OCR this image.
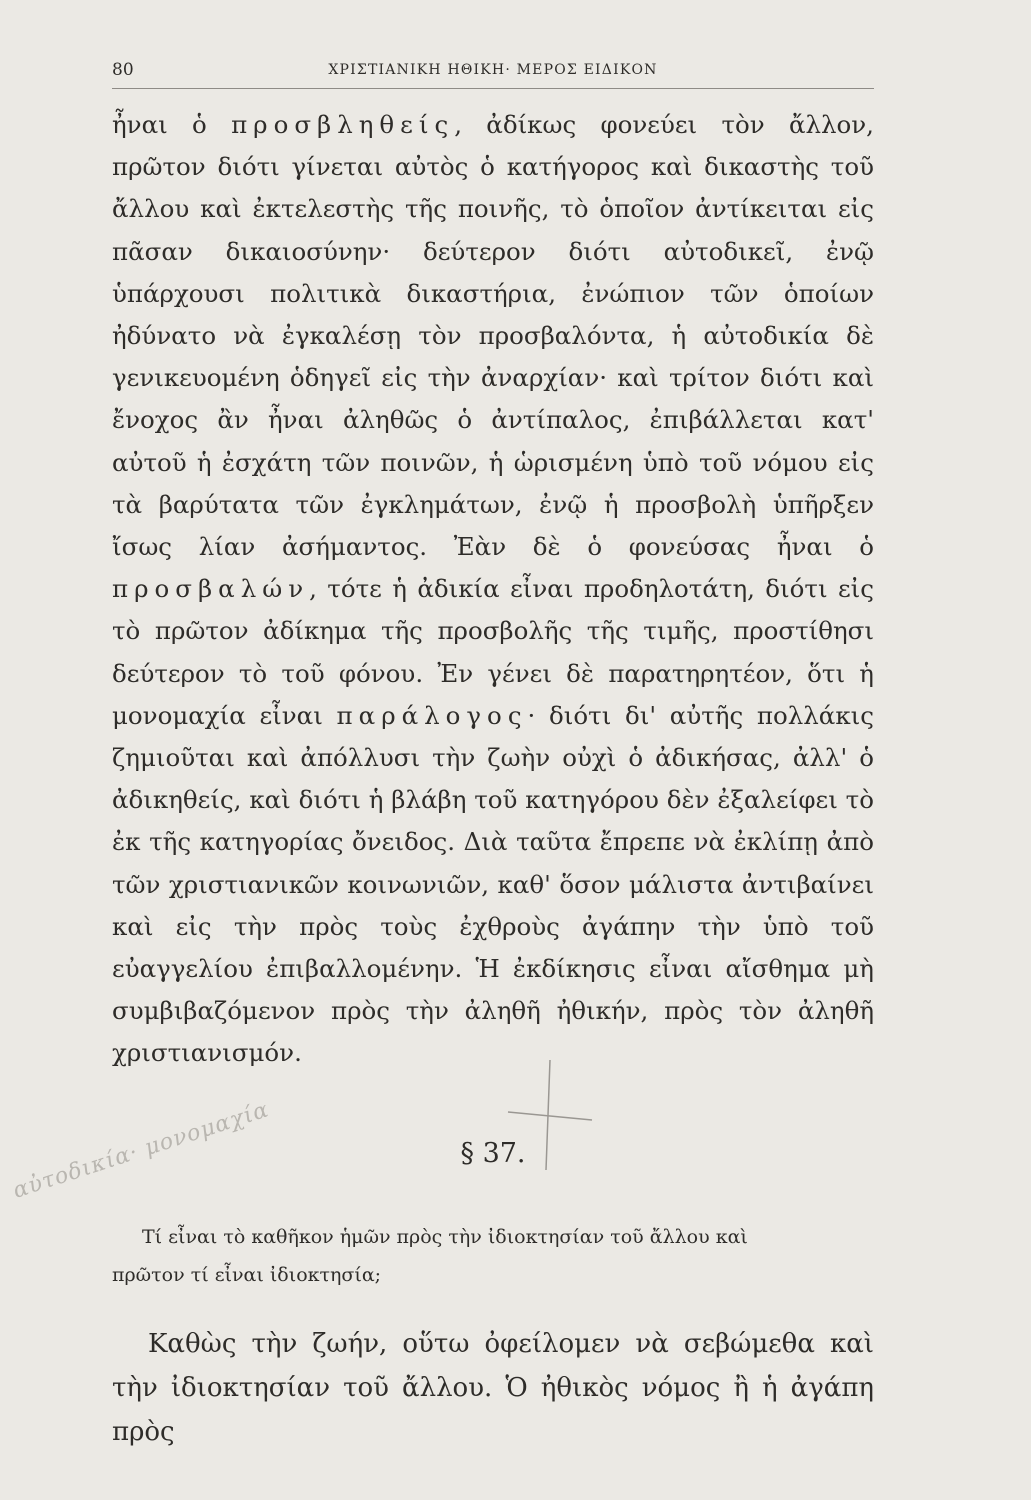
80	ΧΡΙΣΤΙΑΝΙΚΗ ΗΘΙΚΗ· ΜΕΡΟΣ ΕΙΔΙΚΟΝ
ἦναι ὁ προσβληθείς, ἀδίκως φονεύει τὸν ἄλλον, πρῶτον διότι γίνεται αὐτὸς ὁ κατήγορος καὶ δικαστὴς τοῦ ἄλλου καὶ ἐκτελεστὴς τῆς ποινῆς, τὸ ὁποῖον ἀντίκειται εἰς πᾶσαν δικαιοσύνην· δεύτερον διότι αὐτοδικεῖ, ἐνῷ ὑπάρχουσι πολιτικὰ δικαστήρια, ἐνώπιον τῶν ὁποίων ἠδύνατο νὰ ἐγκαλέσῃ τὸν προσβαλόντα, ἡ αὐτοδικία δὲ γενικευομένη ὁδηγεῖ εἰς τὴν ἀναρχίαν· καὶ τρίτον διότι καὶ ἔνοχος ἂν ἦναι ἀληθῶς ὁ ἀντίπαλος, ἐπιβάλλεται κατ' αὐτοῦ ἡ ἐσχάτη τῶν ποινῶν, ἡ ὡρισμένη ὑπὸ τοῦ νόμου εἰς τὰ βαρύτατα τῶν ἐγκλημάτων, ἐνῷ ἡ προσβολὴ ὑπῆρξεν ἴσως λίαν ἀσήμαντος. Ἐὰν δὲ ὁ φονεύσας ἦναι ὁ προσβαλών, τότε ἡ ἀδικία εἶναι προδηλοτάτη, διότι εἰς τὸ πρῶτον ἀδίκημα τῆς προσβολῆς τῆς τιμῆς, προστίθησι δεύτερον τὸ τοῦ φόνου. Ἐν γένει δὲ παρατηρητέον, ὅτι ἡ μονομαχία εἶναι παράλογος· διότι δι' αὐτῆς πολλάκις ζημιοῦται καὶ ἀπόλλυσι τὴν ζωὴν οὐχὶ ὁ ἀδικήσας, ἀλλ' ὁ ἀδικηθείς, καὶ διότι ἡ βλάβη τοῦ κατηγόρου δὲν ἐξαλείφει τὸ ἐκ τῆς κατηγορίας ὄνειδος. Διὰ ταῦτα ἔπρεπε νὰ ἐκλίπῃ ἀπὸ τῶν χριστιανικῶν κοινωνιῶν, καθ' ὅσον μάλιστα ἀντιβαίνει καὶ εἰς τὴν πρὸς τοὺς ἐχθροὺς ἀγάπην τὴν ὑπὸ τοῦ εὐαγγελίου ἐπιβαλλομένην. Ἡ ἐκδίκησις εἶναι αἴσθημα μὴ συμβιβαζόμενον πρὸς τὴν ἀληθῆ ἠθικήν, πρὸς τὸν ἀληθῆ χριστιανισμόν.
αὐτοδικία· μονομαχία	§ 37.
Τί εἶναι τὸ καθῆκον ἡμῶν πρὸς τὴν ἰδιοκτησίαν τοῦ ἄλλου καὶ
πρῶτον τί εἶναι ἰδιοκτησία;
Καθὼς τὴν ζωήν, οὕτω ὀφείλομεν νὰ σεβώμεθα καὶ τὴν ἰδιοκτησίαν τοῦ ἄλλου. Ὁ ἠθικὸς νόμος ἢ ἡ ἀγάπη πρὸς
